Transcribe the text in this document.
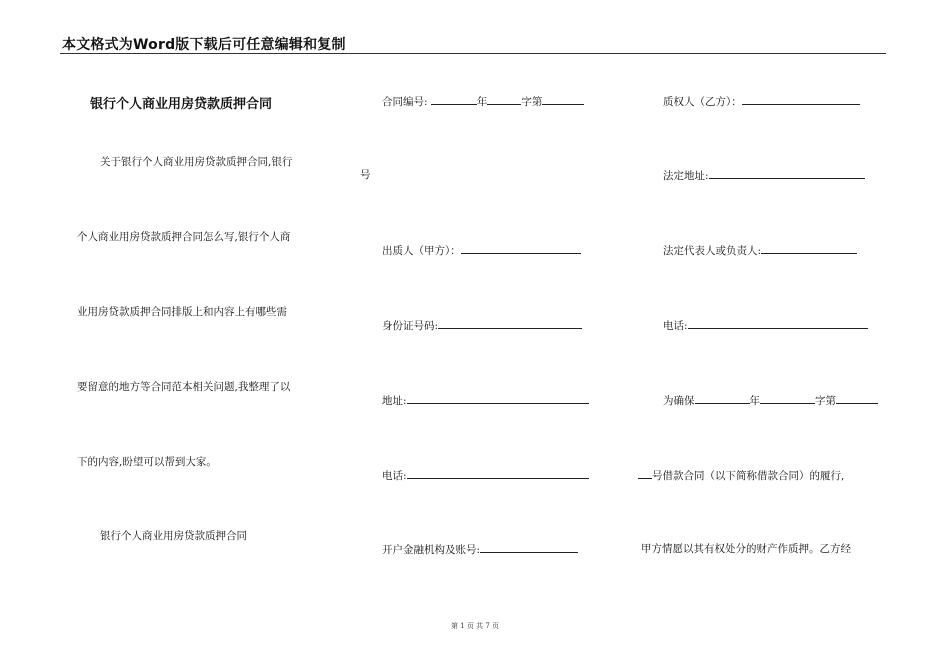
本文格式为Word版下载后可任意编辑和复制
银行个人商业用房贷款质押合同
关于银行个人商业用房贷款质押合同,银行
个人商业用房贷款质押合同怎么写,银行个人商
业用房贷款质押合同排版上和内容上有哪些需
要留意的地方等合同范本相关问题,我整理了以
下的内容,盼望可以帮到大家。
银行个人商业用房贷款质押合同
合同编号:	年	字第
号
出质人（甲方）：
身份证号码:
地址:
电话:
开户金融机构及账号:
质权人（乙方）：
法定地址:
法定代表人或负责人:
电话:
为确保	年	字第
号借款合同（以下简称借款合同）的履行,
甲方情愿以其有权处分的财产作质押。乙方经
第 1 页 共 7 页
